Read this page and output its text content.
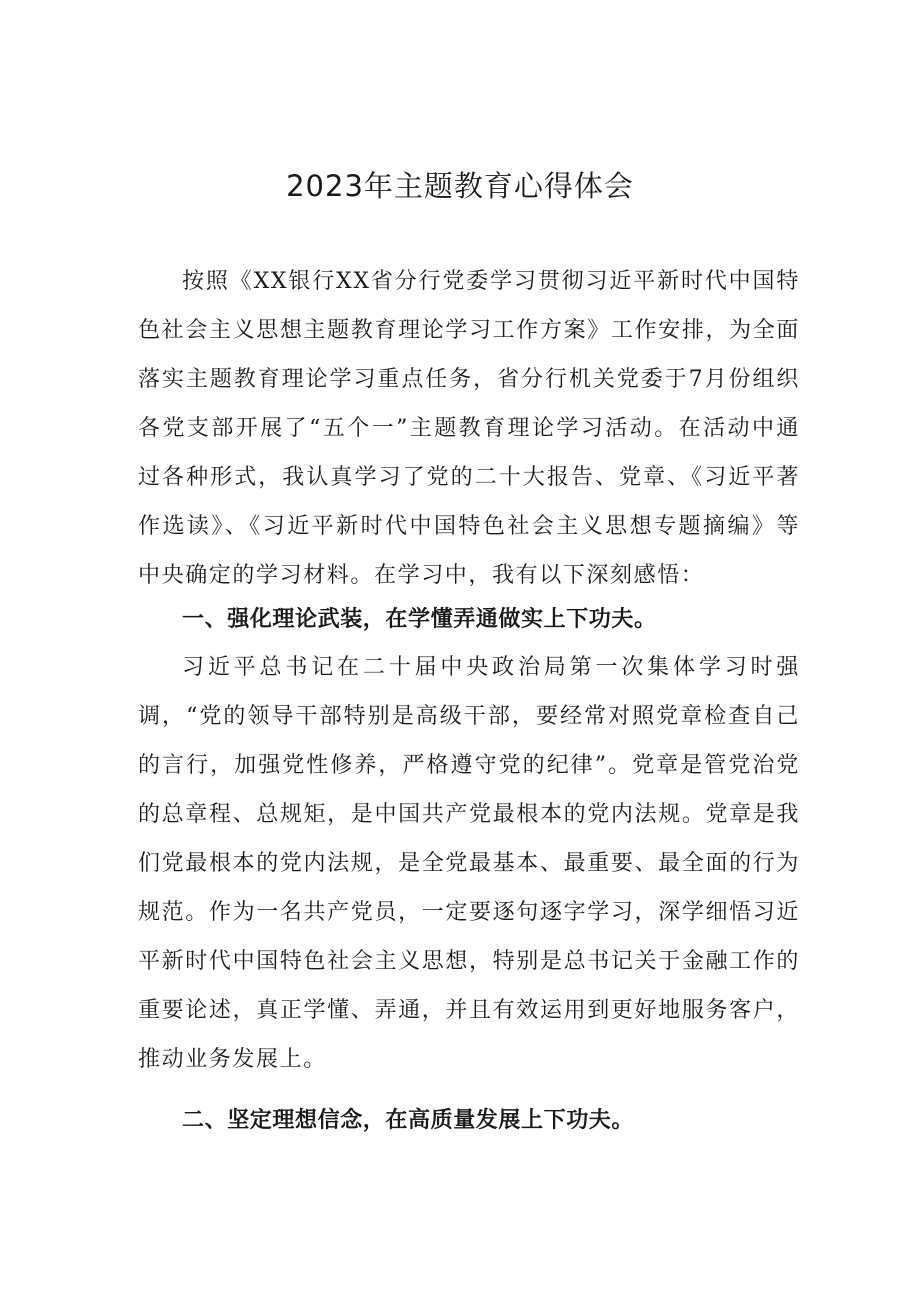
2023年主题教育心得体会

按照《XX银行XX省分行党委学习贯彻习近平新时代中国特色社会主义思想主题教育理论学习工作方案》工作安排，为全面落实主题教育理论学习重点任务，省分行机关党委于7月份组织各党支部开展了“五个一”主题教育理论学习活动。在活动中通过各种形式，我认真学习了党的二十大报告、党章、《习近平著作选读》、《习近平新时代中国特色社会主义思想专题摘编》等中央确定的学习材料。在学习中，我有以下深刻感悟：

一、强化理论武装，在学懂弄通做实上下功夫。

习近平总书记在二十届中央政治局第一次集体学习时强调，“党的领导干部特别是高级干部，要经常对照党章检查自己的言行，加强党性修养，严格遵守党的纪律”。党章是管党治党的总章程、总规矩，是中国共产党最根本的党内法规。党章是我们党最根本的党内法规，是全党最基本、最重要、最全面的行为规范。作为一名共产党员，一定要逐句逐字学习，深学细悟习近平新时代中国特色社会主义思想，特别是总书记关于金融工作的重要论述，真正学懂、弄通，并且有效运用到更好地服务客户，推动业务发展上。

二、坚定理想信念，在高质量发展上下功夫。
